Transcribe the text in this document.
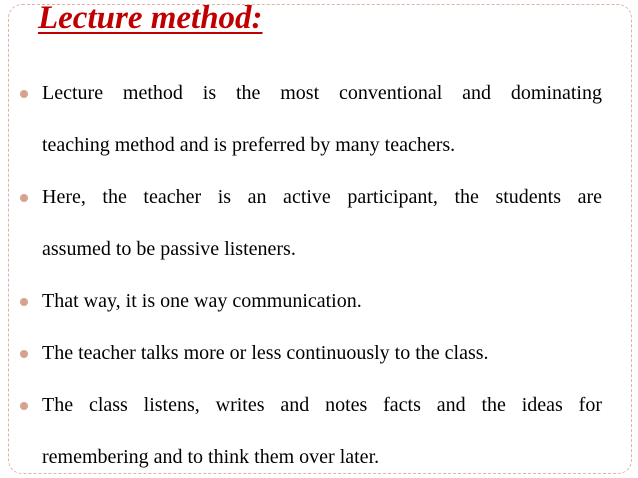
Lecture method:
Lecture method is the most conventional and dominating
teaching method and is preferred by many teachers.
Here, the teacher is an active participant, the students are
assumed to be passive listeners.
That way, it is one way communication.
The teacher talks more or less continuously to the class.
The class listens, writes and notes facts and the ideas for
remembering and to think them over later.
